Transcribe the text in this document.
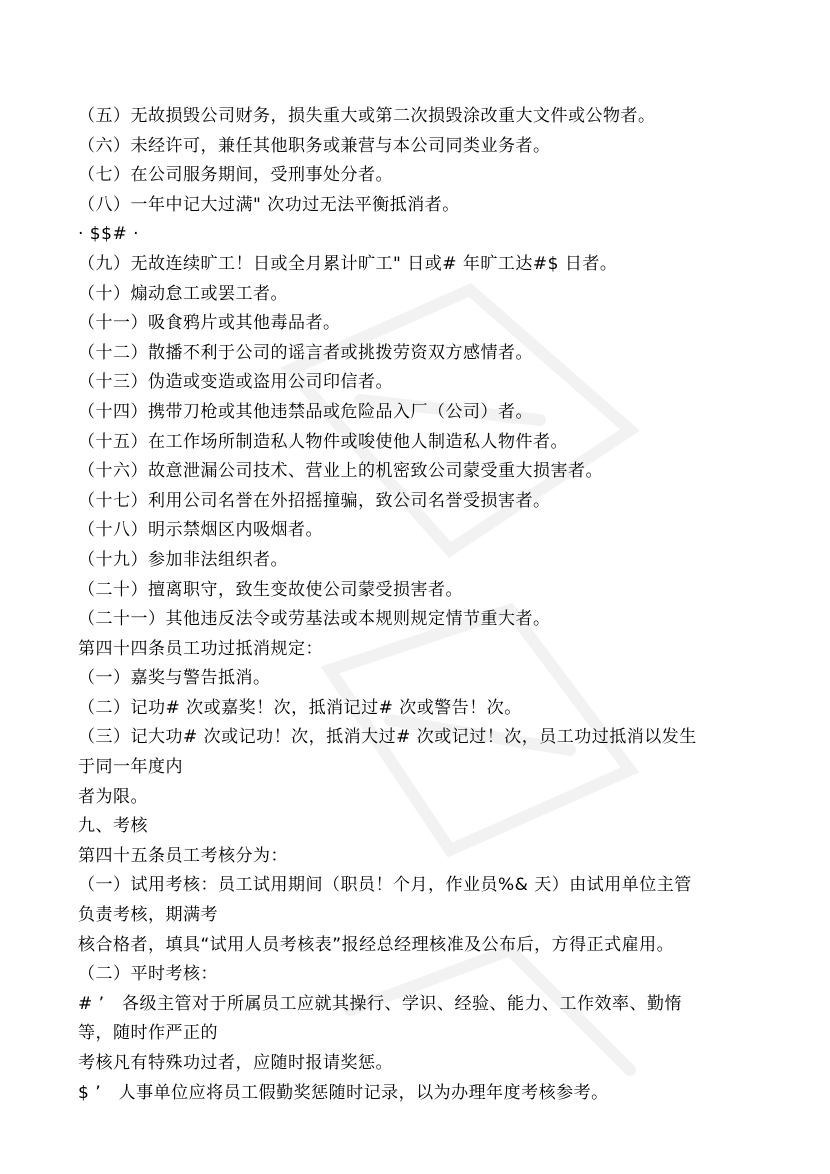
（五）无故损毁公司财务，损失重大或第二次损毁涂改重大文件或公物者。
（六）未经许可，兼任其他职务或兼营与本公司同类业务者。
（七）在公司服务期间，受刑事处分者。
（八）一年中记大过满" 次功过无法平衡抵消者。
· $$# ·
（九）无故连续旷工！日或全月累计旷工" 日或# 年旷工达#$ 日者。
（十）煽动怠工或罢工者。
（十一）吸食鸦片或其他毒品者。
（十二）散播不利于公司的谣言者或挑拨劳资双方感情者。
（十三）伪造或变造或盗用公司印信者。
（十四）携带刀枪或其他违禁品或危险品入厂（公司）者。
（十五）在工作场所制造私人物件或唆使他人制造私人物件者。
（十六）故意泄漏公司技术、营业上的机密致公司蒙受重大损害者。
（十七）利用公司名誉在外招摇撞骗，致公司名誉受损害者。
（十八）明示禁烟区内吸烟者。
（十九）参加非法组织者。
（二十）擅离职守，致生变故使公司蒙受损害者。
（二十一）其他违反法令或劳基法或本规则规定情节重大者。
第四十四条员工功过抵消规定：
（一）嘉奖与警告抵消。
（二）记功# 次或嘉奖！次，抵消记过# 次或警告！次。
（三）记大功# 次或记功！次，抵消大过# 次或记过！次，员工功过抵消以发生
于同一年度内
者为限。
九、考核
第四十五条员工考核分为：
（一）试用考核：员工试用期间（职员！个月，作业员%& 天）由试用单位主管
负责考核，期满考
核合格者，填具“试用人员考核表”报经总经理核准及公布后，方得正式雇用。
（二）平时考核：
# ’　各级主管对于所属员工应就其操行、学识、经验、能力、工作效率、勤惰
等，随时作严正的
考核凡有特殊功过者，应随时报请奖惩。
$ ’　人事单位应将员工假勤奖惩随时记录，以为办理年度考核参考。
